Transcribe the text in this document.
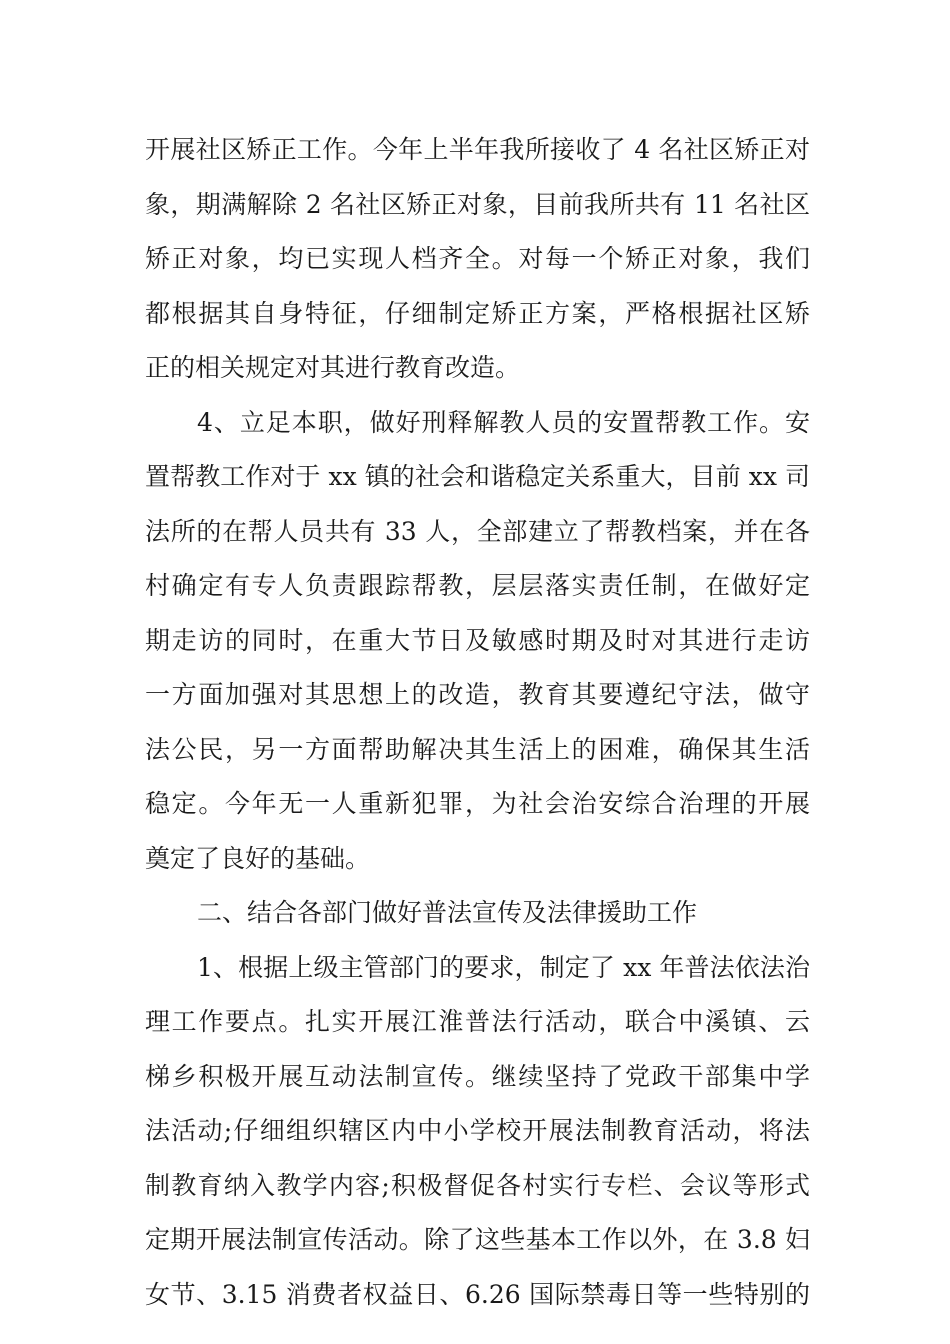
开展社区矫正工作。今年上半年我所接收了 4 名社区矫正对
象，期满解除 2 名社区矫正对象，目前我所共有 11 名社区
矫正对象，均已实现人档齐全。对每一个矫正对象，我们
都根据其自身特征，仔细制定矫正方案，严格根据社区矫
正的相关规定对其进行教育改造。
4、立足本职，做好刑释解教人员的安置帮教工作。安
置帮教工作对于 xx 镇的社会和谐稳定关系重大，目前 xx 司
法所的在帮人员共有 33 人，全部建立了帮教档案，并在各
村确定有专人负责跟踪帮教，层层落实责任制，在做好定
期走访的同时，在重大节日及敏感时期及时对其进行走访
一方面加强对其思想上的改造，教育其要遵纪守法，做守
法公民，另一方面帮助解决其生活上的困难，确保其生活
稳定。今年无一人重新犯罪，为社会治安综合治理的开展
奠定了良好的基础。
二、结合各部门做好普法宣传及法律援助工作
1、根据上级主管部门的要求，制定了 xx 年普法依法治
理工作要点。扎实开展江淮普法行活动，联合中溪镇、云
梯乡积极开展互动法制宣传。继续坚持了党政干部集中学
法活动;仔细组织辖区内中小学校开展法制教育活动，将法
制教育纳入教学内容;积极督促各村实行专栏、会议等形式
定期开展法制宣传活动。除了这些基本工作以外，在 3.8 妇
女节、3.15 消费者权益日、6.26 国际禁毒日等一些特别的
